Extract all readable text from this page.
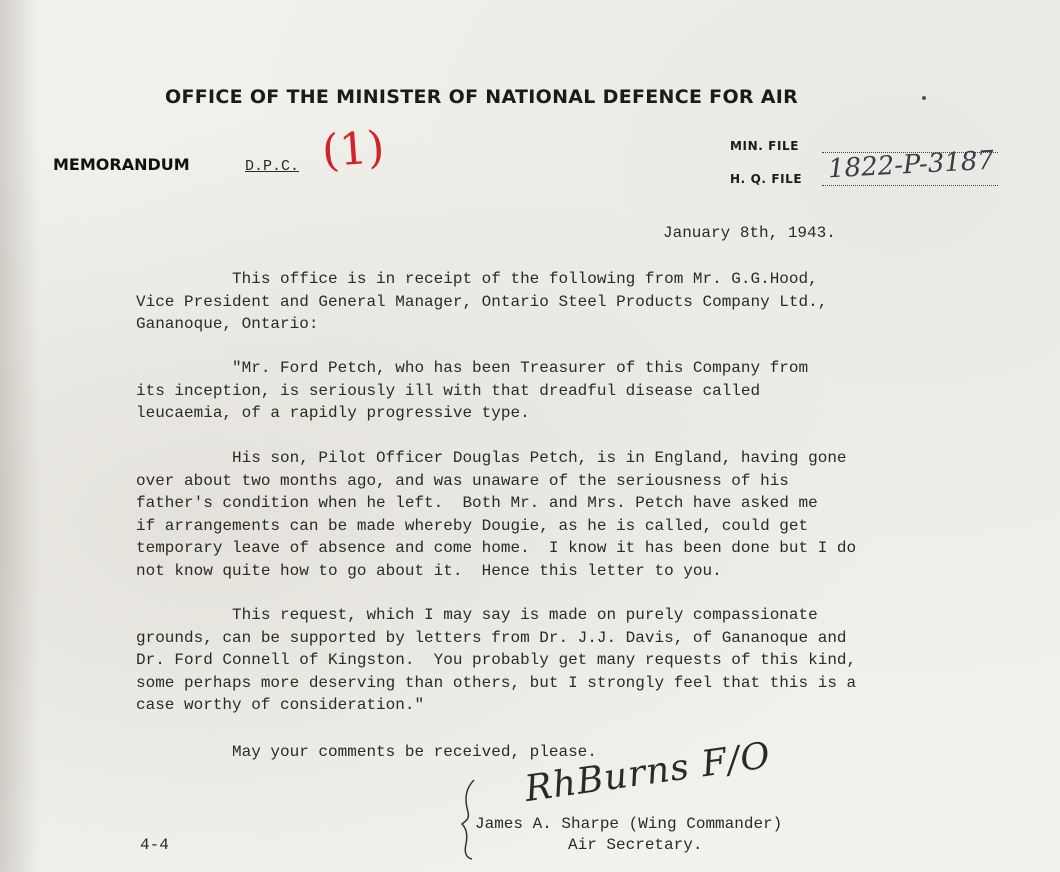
OFFICE OF THE MINISTER OF NATIONAL DEFENCE FOR AIR
MEMORANDUM	D.P.C. (1)	MIN. FILE
H. Q. FILE 1822-P-3187
January 8th, 1943.
This office is in receipt of the following from Mr. G.G.Hood,
Vice President and General Manager, Ontario Steel Products Company Ltd.,
Gananoque, Ontario:
"Mr. Ford Petch, who has been Treasurer of this Company from
its inception, is seriously ill with that dreadful disease called
leucaemia, of a rapidly progressive type.
His son, Pilot Officer Douglas Petch, is in England, having gone
over about two months ago, and was unaware of the seriousness of his
father's condition when he left.  Both Mr. and Mrs. Petch have asked me
if arrangements can be made whereby Dougie, as he is called, could get
temporary leave of absence and come home.  I know it has been done but I do
not know quite how to go about it.  Hence this letter to you.
This request, which I may say is made on purely compassionate
grounds, can be supported by letters from Dr. J.J. Davis, of Gananoque and
Dr. Ford Connell of Kingston.  You probably get many requests of this kind,
some perhaps more deserving than others, but I strongly feel that this is a
case worthy of consideration."
May your comments be received, please.
RhBurns F/O
James A. Sharpe (Wing Commander)
Air Secretary.
4-4
